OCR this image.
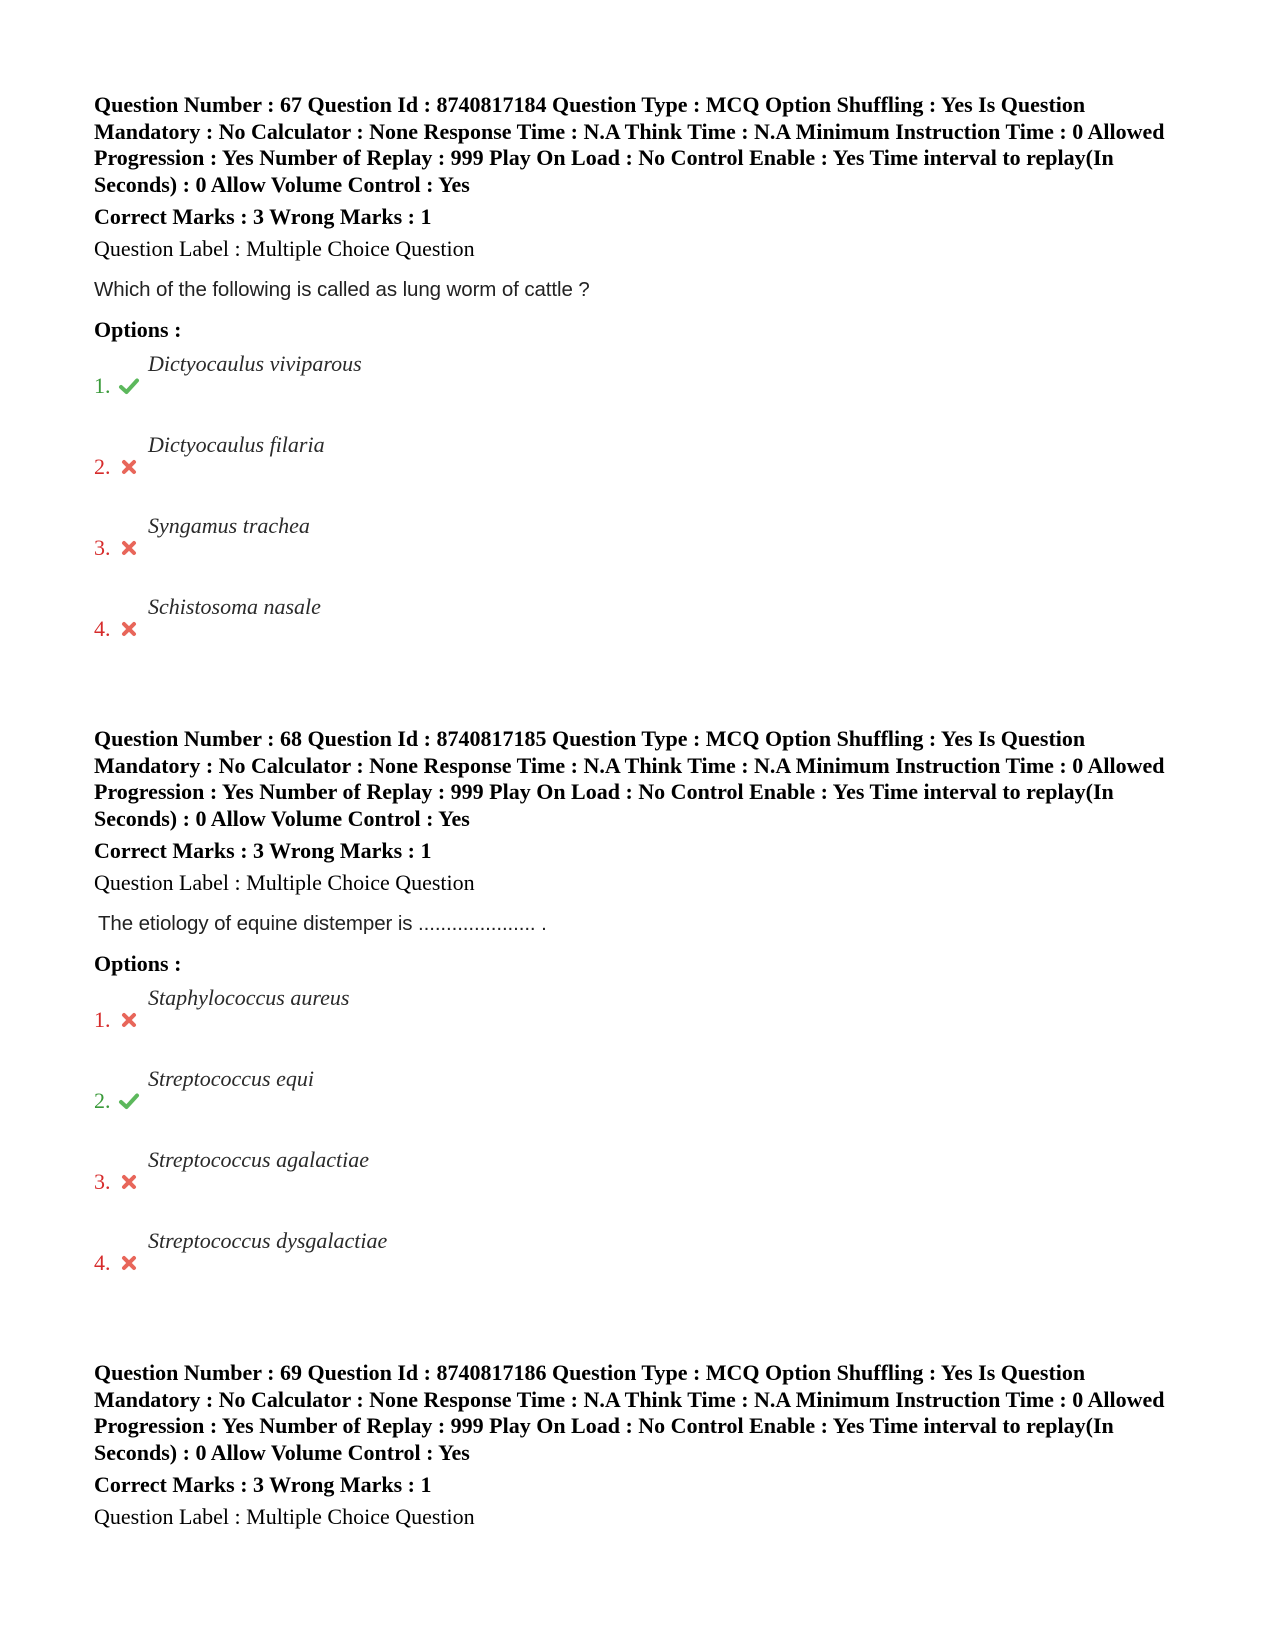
Question Number : 67 Question Id : 8740817184 Question Type : MCQ Option Shuffling : Yes Is Question Mandatory : No Calculator : None Response Time : N.A Think Time : N.A Minimum Instruction Time : 0 Allowed Progression : Yes Number of Replay : 999 Play On Load : No Control Enable : Yes Time interval to replay(In Seconds) : 0 Allow Volume Control : Yes

Correct Marks : 3 Wrong Marks : 1
Question Label : Multiple Choice Question
Which of the following is called as lung worm of cattle ?
Options :
1.
Dictyocaulus viviparous
2.
Dictyocaulus filaria
3.
Syngamus trachea
4.
Schistosoma nasale

Question Number : 68 Question Id : 8740817185 Question Type : MCQ Option Shuffling : Yes Is Question Mandatory : No Calculator : None Response Time : N.A Think Time : N.A Minimum Instruction Time : 0 Allowed Progression : Yes Number of Replay : 999 Play On Load : No Control Enable : Yes Time interval to replay(In Seconds) : 0 Allow Volume Control : Yes

Correct Marks : 3 Wrong Marks : 1
Question Label : Multiple Choice Question
The etiology of equine distemper is ..................... .
Options :
1.
Staphylococcus aureus
2.
Streptococcus equi
3.
Streptococcus agalactiae
4.
Streptococcus dysgalactiae

Question Number : 69 Question Id : 8740817186 Question Type : MCQ Option Shuffling : Yes Is Question Mandatory : No Calculator : None Response Time : N.A Think Time : N.A Minimum Instruction Time : 0 Allowed Progression : Yes Number of Replay : 999 Play On Load : No Control Enable : Yes Time interval to replay(In Seconds) : 0 Allow Volume Control : Yes

Correct Marks : 3 Wrong Marks : 1
Question Label : Multiple Choice Question
